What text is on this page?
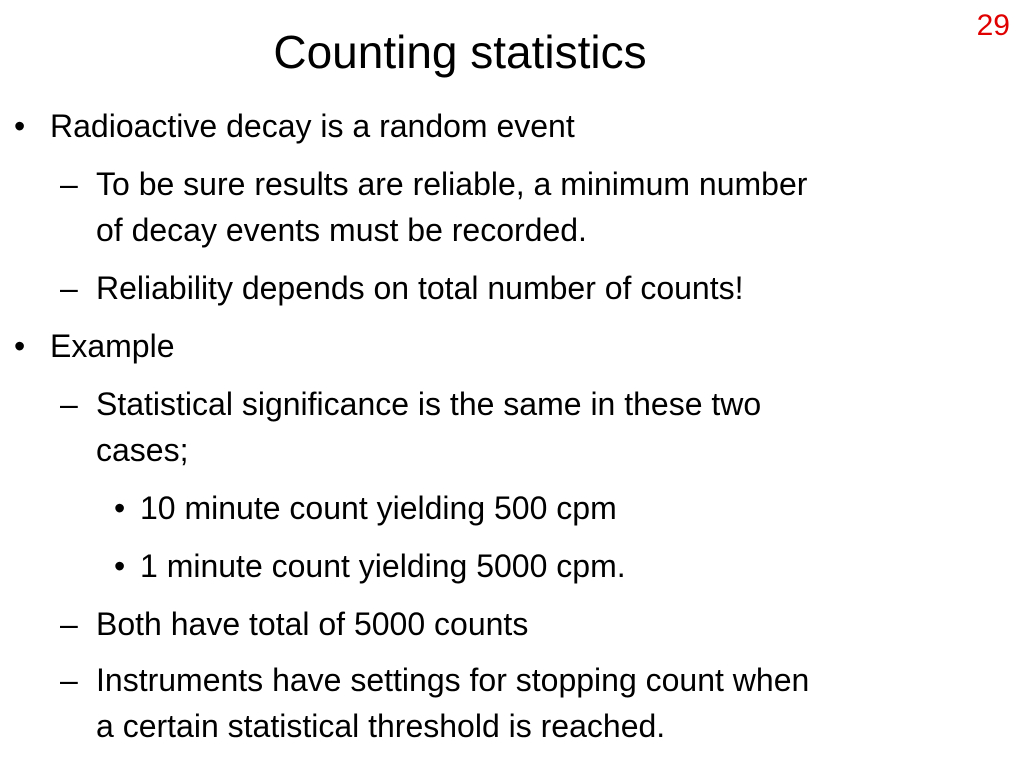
29
Counting statistics
• Radioactive decay is a random event
– To be sure results are reliable, a minimum number
of decay events must be recorded.
– Reliability depends on total number of counts!
• Example
– Statistical significance is the same in these two
cases;
• 10 minute count yielding 500 cpm
• 1 minute count yielding 5000 cpm.
– Both have total of 5000 counts
– Instruments have settings for stopping count when
a certain statistical threshold is reached.
